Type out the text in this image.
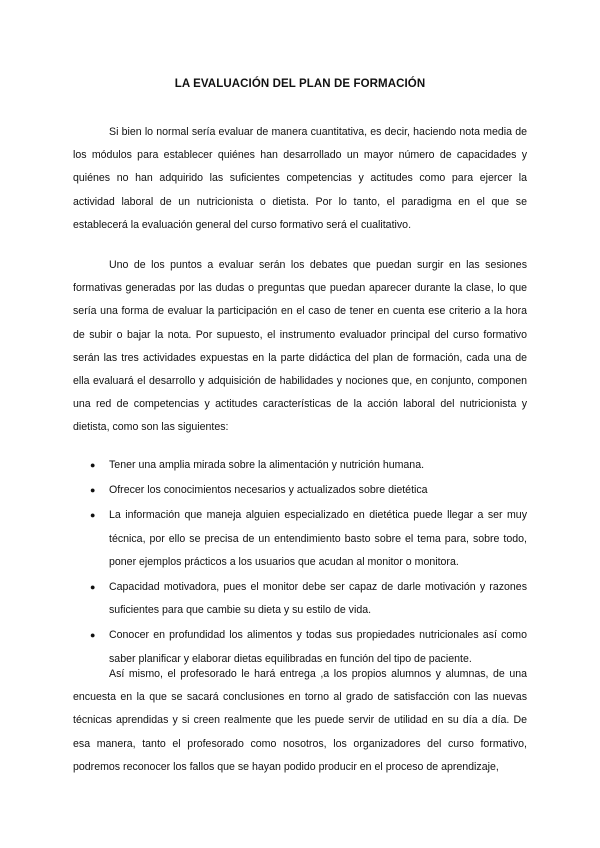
LA EVALUACIÓN DEL PLAN DE FORMACIÓN

Si bien lo normal sería evaluar de manera cuantitativa, es decir, haciendo nota media de los módulos para establecer quiénes han desarrollado un mayor número de capacidades y quiénes no han adquirido las suficientes competencias y actitudes como para ejercer la actividad laboral de un nutricionista o dietista. Por lo tanto, el paradigma en el que se establecerá la evaluación general del curso formativo será el cualitativo.

Uno de los puntos a evaluar serán los debates que puedan surgir en las sesiones formativas generadas por las dudas o preguntas que puedan aparecer durante la clase, lo que sería una forma de evaluar la participación en el caso de tener en cuenta ese criterio a la hora de subir o bajar la nota. Por supuesto, el instrumento evaluador principal del curso formativo serán las tres actividades expuestas en la parte didáctica del plan de formación, cada una de ella evaluará el desarrollo y adquisición de habilidades y nociones que, en conjunto, componen una red de competencias y actitudes características de la acción laboral del nutricionista y dietista, como son las siguientes:

● Tener una amplia mirada sobre la alimentación y nutrición humana.
● Ofrecer los conocimientos necesarios y actualizados sobre dietética
● La información que maneja alguien especializado en dietética puede llegar a ser muy técnica, por ello se precisa de un entendimiento basto sobre el tema para, sobre todo, poner ejemplos prácticos a los usuarios que acudan al monitor o monitora.
● Capacidad motivadora, pues el monitor debe ser capaz de darle motivación y razones suficientes para que cambie su dieta y su estilo de vida.
● Conocer en profundidad los alimentos y todas sus propiedades nutricionales así como saber planificar y elaborar dietas equilibradas en función del tipo de paciente.

Así mismo, el profesorado le hará entrega ,a los propios alumnos y alumnas, de una encuesta en la que se sacará conclusiones en torno al grado de satisfacción con las nuevas técnicas aprendidas y si creen realmente que les puede servir de utilidad en su día a día. De esa manera, tanto el profesorado como nosotros, los organizadores del curso formativo, podremos reconocer los fallos que se hayan podido producir en el proceso de aprendizaje,
